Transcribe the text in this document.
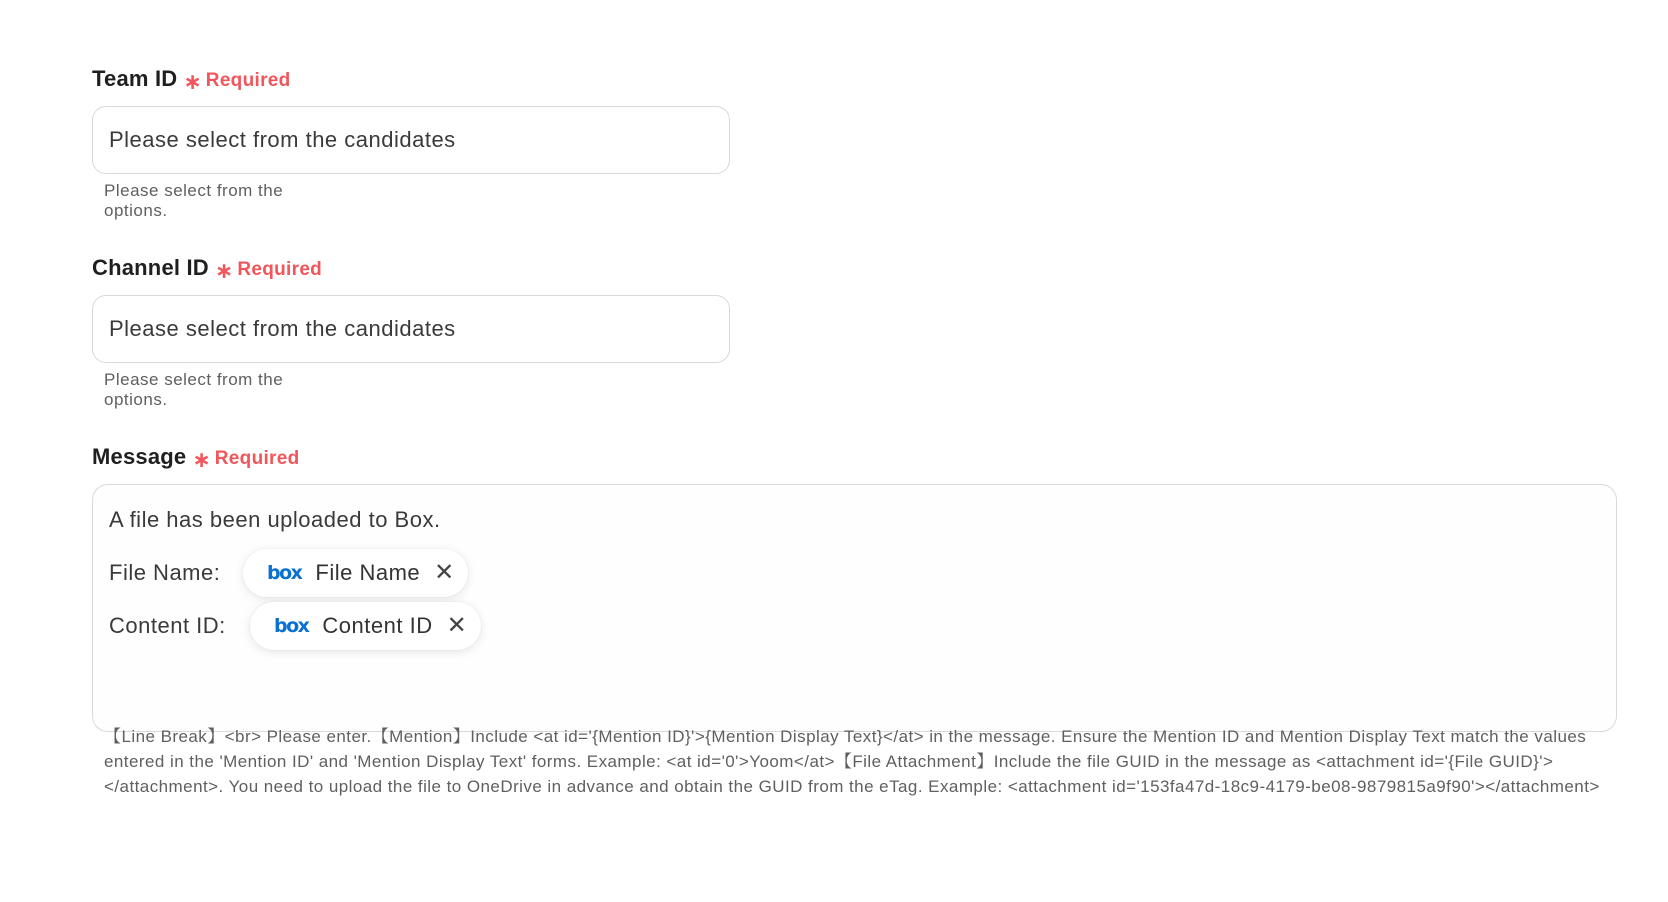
Team ID ∗ Required
Please select from the candidates
Please select from the options.
Channel ID ∗ Required
Please select from the candidates
Please select from the options.
Message ∗ Required
A file has been uploaded to Box.
File Name: box File Name ✕
Content ID:	box Content ID ✕
【Line Break】<br> Please enter.【Mention】Include <at id='{Mention ID}'>{Mention Display Text}</at> in the message. Ensure the Mention ID and Mention Display Text match the values entered in the 'Mention ID' and 'Mention Display Text' forms. Example: <at id='0'>Yoom</at>【File Attachment】Include the file GUID in the message as <attachment id='{File GUID}'></attachment>. You need to upload the file to OneDrive in advance and obtain the GUID from the eTag. Example: <attachment id='153fa47d-18c9-4179-be08-9879815a9f90'></attachment>
